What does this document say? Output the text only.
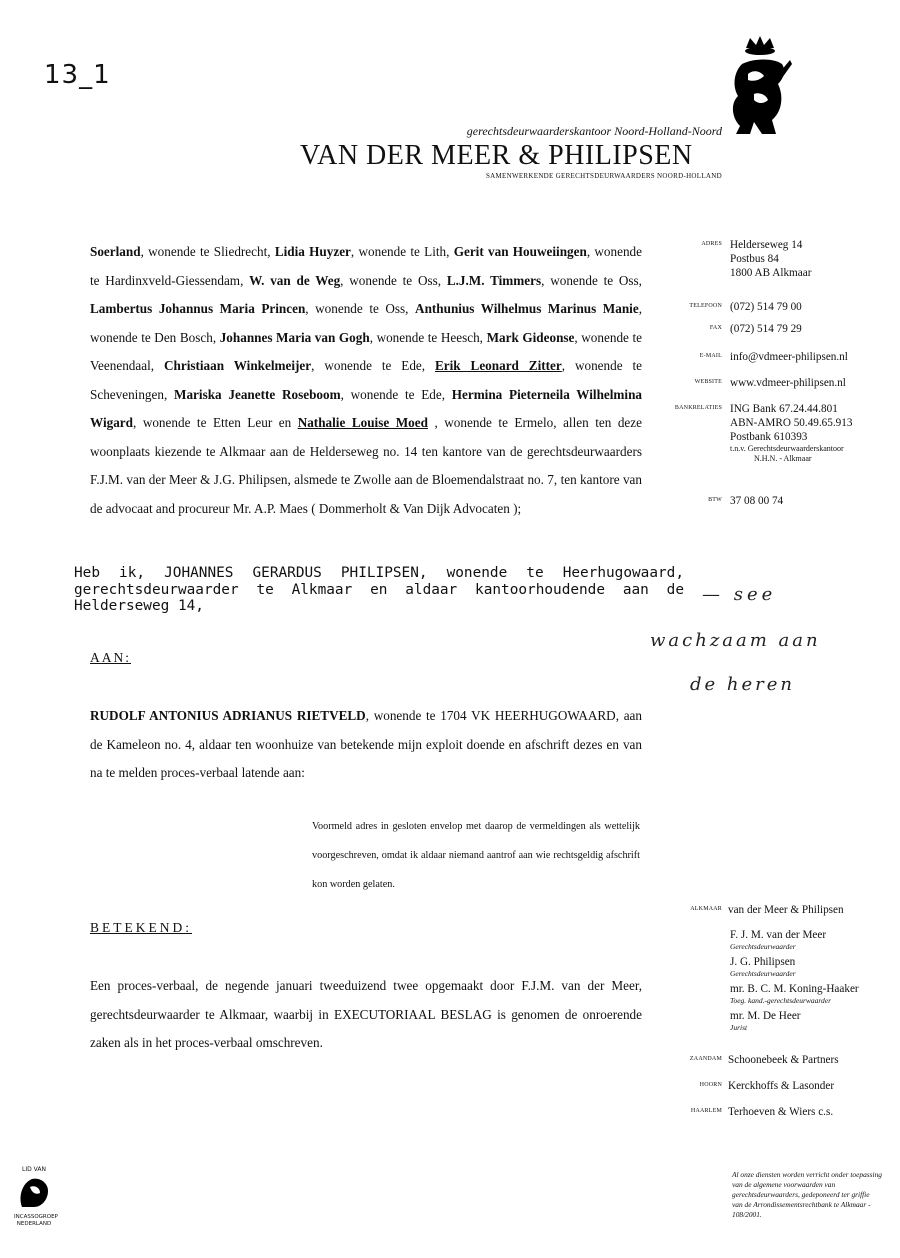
13_1
gerechtsdeurwaarderskantoor Noord-Holland-Noord
VAN DER MEER & PHILIPSEN
SAMENWERKENDE GERECHTSDEURWAARDERS NOORD-HOLLAND
Soerland, wonende te Sliedrecht, Lidia Huyzer, wonende te Lith, Gerit van Houweiingen, wonende te Hardinxveld-Giessendam, W. van de Weg, wonende te Oss, L.J.M. Timmers, wonende te Oss, Lambertus Johannus Maria Princen, wonende te Oss, Anthunius Wilhelmus Marinus Manie, wonende te Den Bosch, Johannes Maria van Gogh, wonende te Heesch, Mark Gideonse, wonende te Veenendaal, Christiaan Winkelmeijer, wonende te Ede, Erik Leonard Zitter, wonende te Scheveningen, Mariska Jeanette Roseboom, wonende te Ede, Hermina Pieterneila Wilhelmina Wigard, wonende te Etten Leur en Nathalie Louise Moed , wonende te Ermelo, allen ten deze woonplaats kiezende te Alkmaar aan de Helderseweg no. 14 ten kantore van de gerechtsdeurwaarders F.J.M. van der Meer & J.G. Philipsen, alsmede te Zwolle aan de Bloemendalstraat no. 7, ten kantore van de advocaat and procureur Mr. A.P. Maes ( Dommerholt & Van Dijk Advocaten );
Heb ik, JOHANNES GERARDUS PHILIPSEN, wonende te Heerhugowaard, gerechtsdeurwaarder te Alkmaar en aldaar kantoorhoudende aan de Helderseweg 14,
— see
wachzaam aan
de heren
AAN:
RUDOLF ANTONIUS ADRIANUS RIETVELD, wonende te 1704 VK HEERHUGOWAARD, aan de Kameleon no. 4, aldaar ten woonhuize van betekende mijn exploit doende en afschrift dezes en van na te melden proces-verbaal latende aan:
Voormeld adres in gesloten envelop met daarop de vermeldingen als wettelijk voorgeschreven, omdat ik aldaar niemand aantrof aan wie rechtsgeldig afschrift kon worden gelaten.
BETEKEND:
Een proces-verbaal, de negende januari tweeduizend twee opgemaakt door F.J.M. van der Meer, gerechtsdeurwaarder te Alkmaar, waarbij in EXECUTORIAAL BESLAG is genomen de onroerende zaken als in het proces-verbaal omschreven.
ADRES Helderseweg 14
Postbus 84
1800 AB Alkmaar
TELEFOON (072) 514 79 00
FAX (072) 514 79 29
E-MAIL info@vdmeer-philipsen.nl
WEBSITE www.vdmeer-philipsen.nl
BANKRELATIES ING Bank 67.24.44.801
ABN-AMRO 50.49.65.913
Postbank 610393
t.n.v. Gerechtsdeurwaarderskantoor
N.H.N. - Alkmaar
BTW 37 08 00 74
ALKMAAR van der Meer & Philipsen
F. J. M. van der Meer
Gerechtsdeurwaarder
J. G. Philipsen
Gerechtsdeurwaarder
mr. B. C. M. Koning-Haaker
Toeg. kand.-gerechtsdeurwaarder
mr. M. De Heer
Jurist
ZAANDAM Schoonebeek & Partners
HOORN Kerckhoffs & Lasonder
HAARLEM Terhoeven & Wiers c.s.
LID VAN
INCASSOGROEP
NEDERLAND
Al onze diensten worden verricht onder toepassing van de algemene voorwaarden van gerechtsdeurwaarders, gedeponeerd ter griffie van de Arrondissementsrechtbank te Alkmaar - 108/2001.
